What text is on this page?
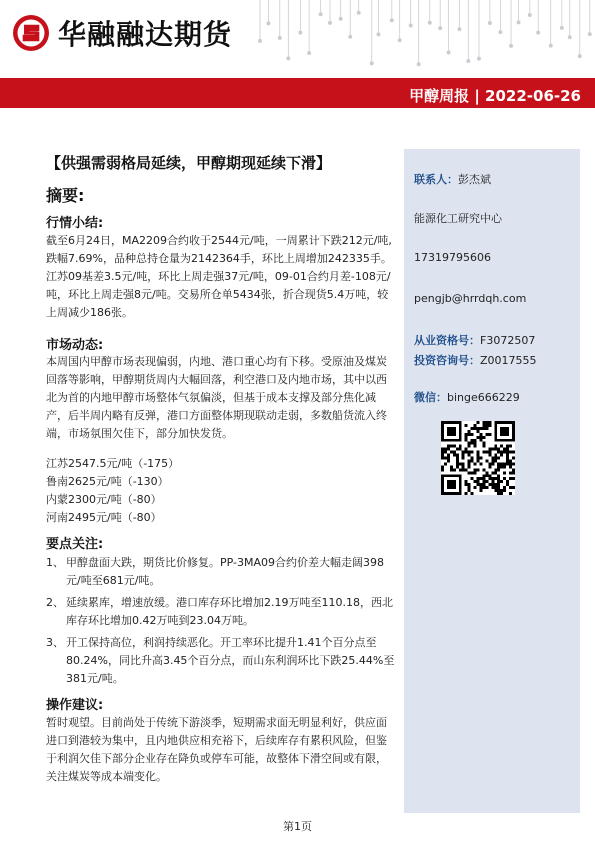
华融融达期货
甲醇周报 | 2022-06-26
【供强需弱格局延续，甲醇期现延续下滑】
摘要:
行情小结:
截至6月24日，MA2209合约收于2544元/吨，一周累计下跌212元/吨,跌幅7.69%，品种总持仓量为2142364手，环比上周增加242335手。江苏09基差3.5元/吨，环比上周走强37元/吨，09-01合约月差-108元/吨，环比上周走强8元/吨。交易所仓单5434张，折合现货5.4万吨，较上周减少186张。
市场动态:
本周国内甲醇市场表现偏弱，内地、港口重心均有下移。受原油及煤炭回落等影响，甲醇期货周内大幅回落，利空港口及内地市场，其中以西北为首的内地甲醇市场整体气氛偏淡，但基于成本支撑及部分焦化减产，后半周内略有反弹，港口方面整体期现联动走弱，多数船货流入终端，市场氛围欠佳下，部分加快发货。
江苏2547.5元/吨（-175）
鲁南2625元/吨（-130）
内蒙2300元/吨（-80）
河南2495元/吨（-80）
要点关注:
1、 甲醇盘面大跌，期货比价修复。PP-3MA09合约价差大幅走阔398元/吨至681元/吨。
2、 延续累库，增速放缓。港口库存环比增加2.19万吨至110.18，西北库存环比增加0.42万吨到23.04万吨。
3、 开工保持高位，利润持续恶化。开工率环比提升1.41个百分点至80.24%，同比升高3.45个百分点，而山东利润环比下跌25.44%至381元/吨。
操作建议:
暂时观望。目前尚处于传统下游淡季，短期需求面无明显利好，供应面进口到港较为集中，且内地供应相充裕下，后续库存有累积风险，但鉴于利润欠佳下部分企业存在降负或停车可能，故整体下滑空间或有限，关注煤炭等成本端变化。
联系人：彭杰斌
能源化工研究中心
17319795606
pengjb@hrrdqh.com
从业资格号：F3072507
投资咨询号：Z0017555
微信：binge666229
第1页
